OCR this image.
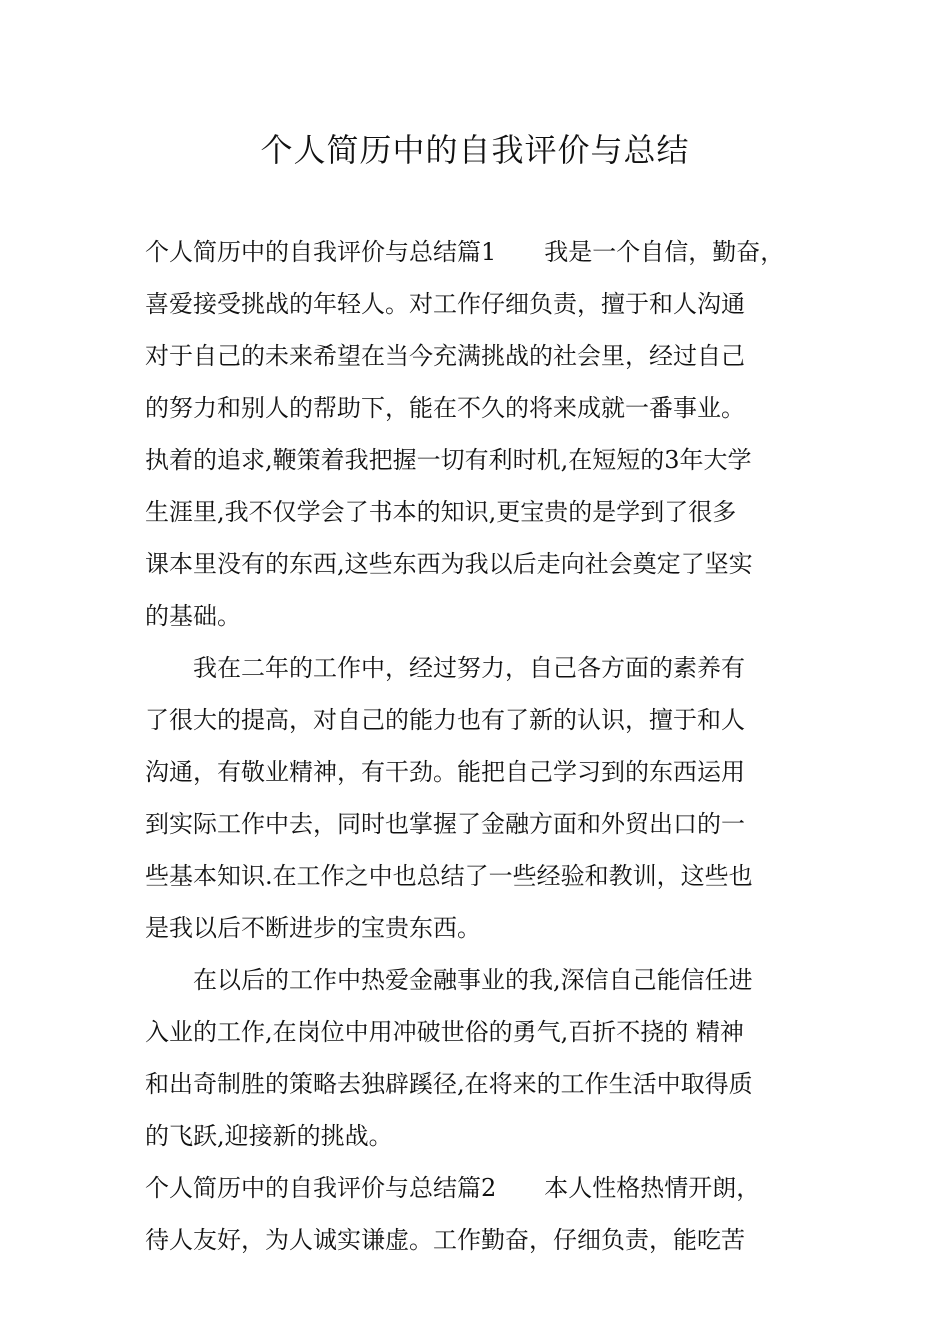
个人简历中的自我评价与总结
个人简历中的自我评价与总结篇1　　我是一个自信，勤奋，
喜爱接受挑战的年轻人。对工作仔细负责，擅于和人沟通
对于自己的未来希望在当今充满挑战的社会里，经过自己
的努力和别人的帮助下，能在不久的将来成就一番事业。
执着的追求,鞭策着我把握一切有利时机,在短短的3年大学
生涯里,我不仅学会了书本的知识,更宝贵的是学到了很多
课本里没有的东西,这些东西为我以后走向社会奠定了坚实
的基础。
　　我在二年的工作中，经过努力，自己各方面的素养有
了很大的提高，对自己的能力也有了新的认识，擅于和人
沟通，有敬业精神，有干劲。能把自己学习到的东西运用
到实际工作中去，同时也掌握了金融方面和外贸出口的一
些基本知识.在工作之中也总结了一些经验和教训，这些也
是我以后不断进步的宝贵东西。
　　在以后的工作中热爱金融事业的我,深信自己能信任进
入业的工作,在岗位中用冲破世俗的勇气,百折不挠的 精神
和出奇制胜的策略去独辟蹊径,在将来的工作生活中取得质
的飞跃,迎接新的挑战。
个人简历中的自我评价与总结篇2　　本人性格热情开朗，
待人友好，为人诚实谦虚。工作勤奋，仔细负责，能吃苦
